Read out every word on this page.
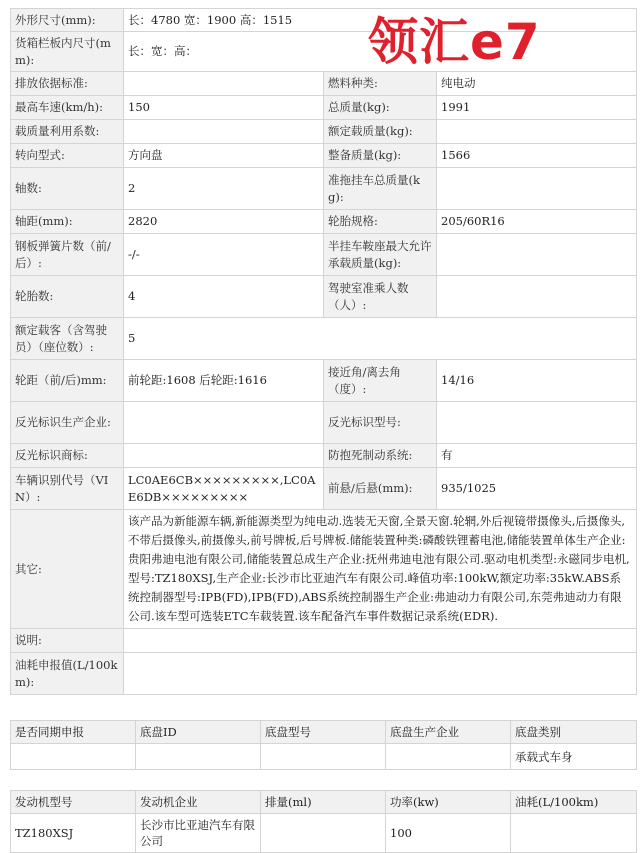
外形尺寸(mm):	长：4780 宽：1900 高：1515		
货箱栏板内尺寸(mm):	长：宽：高：		
排放依据标准:		燃料种类:	纯电动
最高车速(km/h):	150	总质量(kg):	1991
载质量利用系数:		额定载质量(kg):	
转向型式:	方向盘	整备质量(kg):	1566
轴数:	2	准拖挂车总质量(kg):	
轴距(mm):	2820	轮胎规格:	205/60R16
钢板弹簧片数（前/后）:	-/-	半挂车鞍座最大允许承载质量(kg):	
轮胎数:	4	驾驶室准乘人数（人）:	
额定载客（含驾驶员）（座位数）:	5		
轮距（前/后)mm:	前轮距:1608 后轮距:1616	接近角/离去角（度）:	14/16
反光标识生产企业:		反光标识型号:	
反光标识商标:		防抱死制动系统:	有
车辆识别代号（VIN）:	LC0AE6CB×××××××××,LC0AE6DB×××××××××	前悬/后悬(mm):	935/1025
其它:	该产品为新能源车辆,新能源类型为纯电动.选装无天窗,全景天窗.轮辋,外后视镜带摄像头,后摄像头,不带后摄像头,前摄像头,前号牌板,后号牌板.储能装置种类:磷酸铁锂蓄电池,储能装置单体生产企业:贵阳弗迪电池有限公司,储能装置总成生产企业:抚州弗迪电池有限公司.驱动电机类型:永磁同步电机,型号:TZ180XSJ,生产企业:长沙市比亚迪汽车有限公司.峰值功率:100kW,额定功率:35kW.ABS系统控制器型号:IPB(FD),IPB(FD),ABS系统控制器生产企业:弗迪动力有限公司,东莞弗迪动力有限公司.该车型可选装ETC车载装置.该车配备汽车事件数据记录系统(EDR).		
说明:			
油耗申报值(L/100km):			
领汇e7
是否同期申报	底盘ID	底盘型号	底盘生产企业	底盘类别
				承载式车身
发动机型号	发动机企业	排量(ml)	功率(kw)	油耗(L/100km)
TZ180XSJ	长沙市比亚迪汽车有限公司		100	
